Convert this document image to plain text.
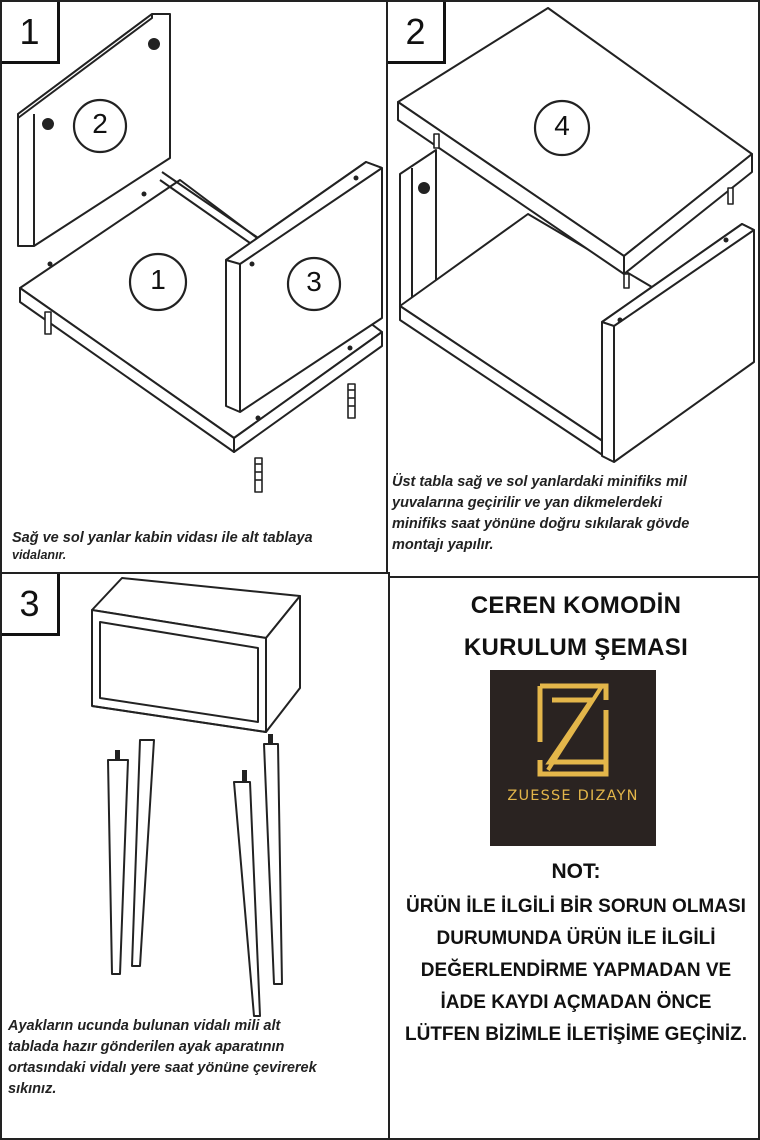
1
2
1	3
Sağ ve sol yanlar kabin vidası ile alt tablaya
vidalanır.
2
4
Üst tabla sağ ve sol yanlardaki minifiks mil
yuvalarına geçirilir ve yan dikmelerdeki
minifiks saat yönüne doğru sıkılarak gövde
montajı yapılır.
3
Ayakların ucunda bulunan vidalı mili alt
tablada hazır gönderilen ayak aparatının
ortasındaki vidalı yere saat yönüne çevirerek
sıkınız.
CEREN KOMODİN
KURULUM ŞEMASI
ZUESSE DIZAYN
NOT:
ÜRÜN İLE İLGİLİ BİR SORUN OLMASI
DURUMUNDA ÜRÜN İLE İLGİLİ
DEĞERLENDİRME YAPMADAN VE
İADE KAYDI AÇMADAN ÖNCE
LÜTFEN BİZİMLE İLETİŞİME GEÇİNİZ.
